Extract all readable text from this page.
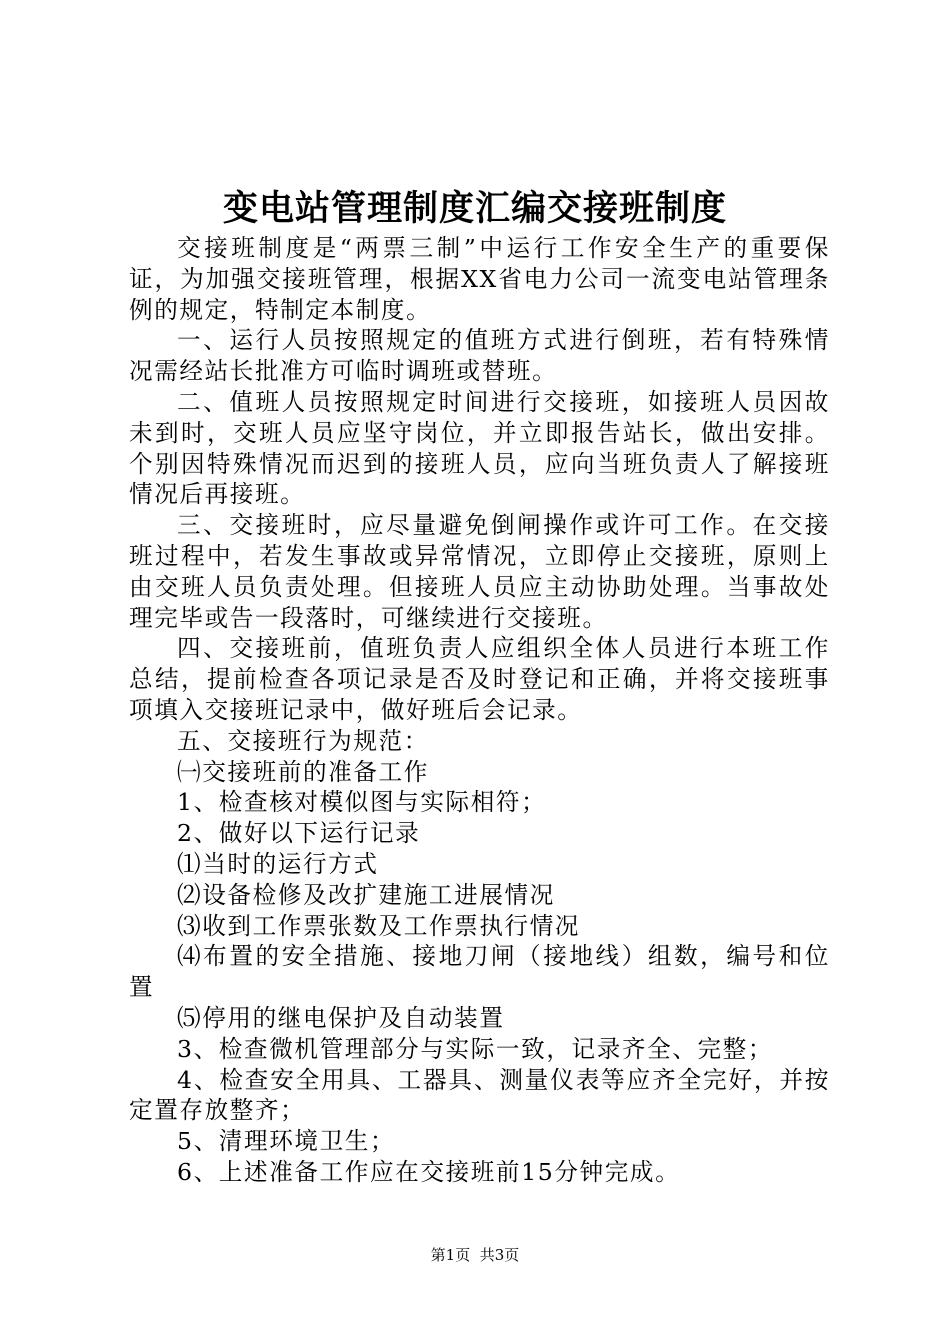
变电站管理制度汇编交接班制度

交接班制度是“两票三制”中运行工作安全生产的重要保证，为加强交接班管理，根据XX省电力公司一流变电站管理条例的规定，特制定本制度。

一、运行人员按照规定的值班方式进行倒班，若有特殊情况需经站长批准方可临时调班或替班。

二、值班人员按照规定时间进行交接班，如接班人员因故未到时，交班人员应坚守岗位，并立即报告站长，做出安排。个别因特殊情况而迟到的接班人员，应向当班负责人了解接班情况后再接班。

三、交接班时，应尽量避免倒闸操作或许可工作。在交接班过程中，若发生事故或异常情况，立即停止交接班，原则上由交班人员负责处理。但接班人员应主动协助处理。当事故处理完毕或告一段落时，可继续进行交接班。

四、交接班前，值班负责人应组织全体人员进行本班工作总结，提前检查各项记录是否及时登记和正确，并将交接班事项填入交接班记录中，做好班后会记录。

五、交接班行为规范：

㈠交接班前的准备工作

1、检查核对模似图与实际相符；

2、做好以下运行记录

⑴当时的运行方式

⑵设备检修及改扩建施工进展情况

⑶收到工作票张数及工作票执行情况

⑷布置的安全措施、接地刀闸（接地线）组数，编号和位置

⑸停用的继电保护及自动装置

3、检查微机管理部分与实际一致，记录齐全、完整；

4、检查安全用具、工器具、测量仪表等应齐全完好，并按定置存放整齐；

5、清理环境卫生；

6、上述准备工作应在交接班前15分钟完成。

第1页 共3页
